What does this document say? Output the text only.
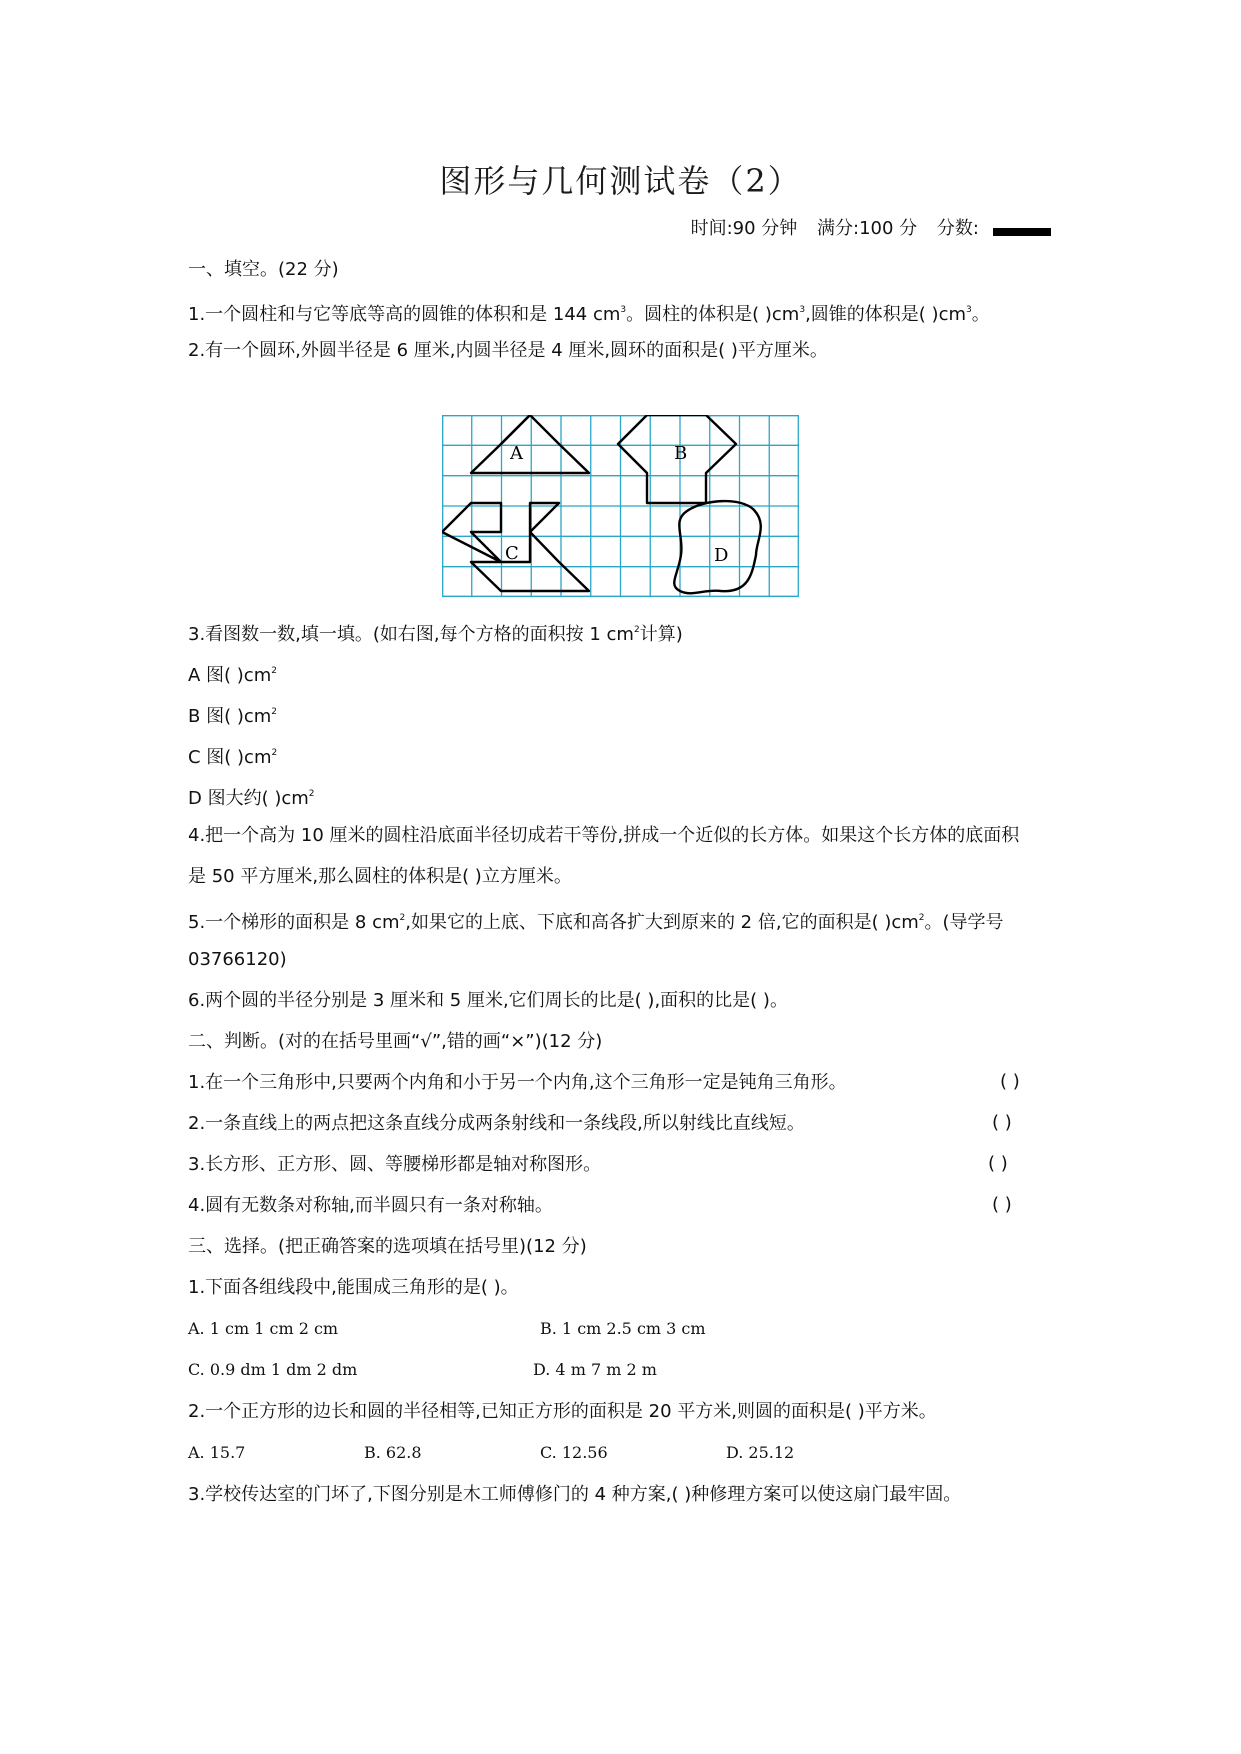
图形与几何测试卷（2）
时间:90 分钟 满分:100 分 分数:
一、填空。(22 分)
1.一个圆柱和与它等底等高的圆锥的体积和是 144 $cm^3$。圆柱的体积是( )$cm^3$,圆锥的体积是( )$cm^3$。
2.有一个圆环,外圆半径是 6 厘米,内圆半径是 4 厘米,圆环的面积是( )平方厘米。
A	B
C	D
3.看图数一数,填一填。(如右图,每个方格的面积按 1 $cm^2$计算)
A 图( )$cm^2$
B 图( )$cm^2$
C 图( )$cm^2$
D 图大约( )$cm^2$
4.把一个高为 10 厘米的圆柱沿底面半径切成若干等份,拼成一个近似的长方体。如果这个长方体的底面积
是 50 平方厘米,那么圆柱的体积是( )立方厘米。
5.一个梯形的面积是 8 $cm^2$,如果它的上底、下底和高各扩大到原来的 2 倍,它的面积是( )$cm^2$。(导学号
03766120)
6.两个圆的半径分别是 3 厘米和 5 厘米,它们周长的比是( ),面积的比是( )。
二、判断。(对的在括号里画“√”,错的画“×”)(12 分)
1.在一个三角形中,只要两个内角和小于另一个内角,这个三角形一定是钝角三角形。	( )
2.一条直线上的两点把这条直线分成两条射线和一条线段,所以射线比直线短。	( )
3.长方形、正方形、圆、等腰梯形都是轴对称图形。	( )
4.圆有无数条对称轴,而半圆只有一条对称轴。	( )
三、选择。(把正确答案的选项填在括号里)(12 分)
1.下面各组线段中,能围成三角形的是( )。
A. 1 cm 1 cm 2 cm	B. 1 cm 2.5 cm 3 cm
C. 0.9 dm 1 dm 2 dm	D. 4 m 7 m 2 m
2.一个正方形的边长和圆的半径相等,已知正方形的面积是 20 平方米,则圆的面积是( )平方米。
A. 15.7	B. 62.8	C. 12.56	D. 25.12
3.学校传达室的门坏了,下图分别是木工师傅修门的 4 种方案,( )种修理方案可以使这扇门最牢固。
